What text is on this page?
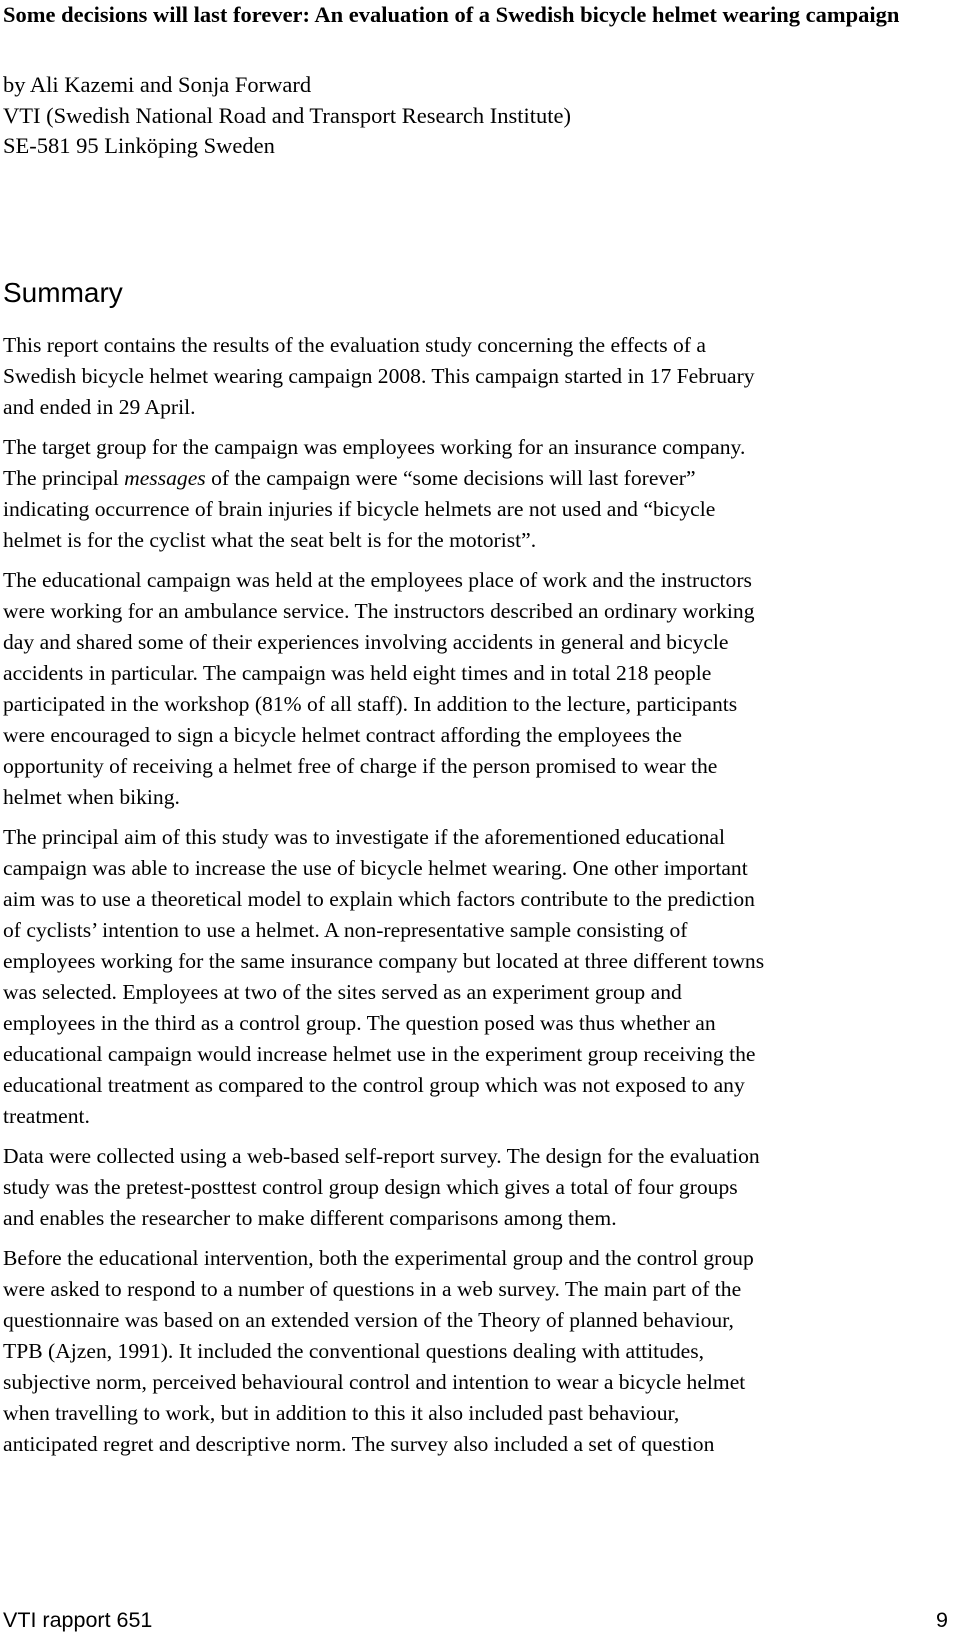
Some decisions will last forever: An evaluation of a Swedish bicycle helmet wearing campaign
by Ali Kazemi and Sonja Forward
VTI (Swedish National Road and Transport Research Institute)
SE-581 95 Linköping Sweden
Summary

This report contains the results of the evaluation study concerning the effects of a
Swedish bicycle helmet wearing campaign 2008. This campaign started in 17 February
and ended in 29 April.

The target group for the campaign was employees working for an insurance company.

The principal messages of the campaign were “some decisions will last forever”
indicating occurrence of brain injuries if bicycle helmets are not used and “bicycle
helmet is for the cyclist what the seat belt is for the motorist”.

The educational campaign was held at the employees place of work and the instructors
were working for an ambulance service. The instructors described an ordinary working
day and shared some of their experiences involving accidents in general and bicycle
accidents in particular. The campaign was held eight times and in total 218 people
participated in the workshop (81% of all staff). In addition to the lecture, participants
were encouraged to sign a bicycle helmet contract affording the employees the
opportunity of receiving a helmet free of charge if the person promised to wear the
helmet when biking.

The principal aim of this study was to investigate if the aforementioned educational
campaign was able to increase the use of bicycle helmet wearing. One other important
aim was to use a theoretical model to explain which factors contribute to the prediction
of cyclists’ intention to use a helmet. A non-representative sample consisting of
employees working for the same insurance company but located at three different towns
was selected. Employees at two of the sites served as an experiment group and
employees in the third as a control group. The question posed was thus whether an
educational campaign would increase helmet use in the experiment group receiving the
educational treatment as compared to the control group which was not exposed to any
treatment.

Data were collected using a web-based self-report survey. The design for the evaluation
study was the pretest-posttest control group design which gives a total of four groups
and enables the researcher to make different comparisons among them.

Before the educational intervention, both the experimental group and the control group
were asked to respond to a number of questions in a web survey. The main part of the
questionnaire was based on an extended version of the Theory of planned behaviour,
TPB (Ajzen, 1991). It included the conventional questions dealing with attitudes,
subjective norm, perceived behavioural control and intention to wear a bicycle helmet
when travelling to work, but in addition to this it also included past behaviour,
anticipated regret and descriptive norm. The survey also included a set of question

VTI rapport 651	9
